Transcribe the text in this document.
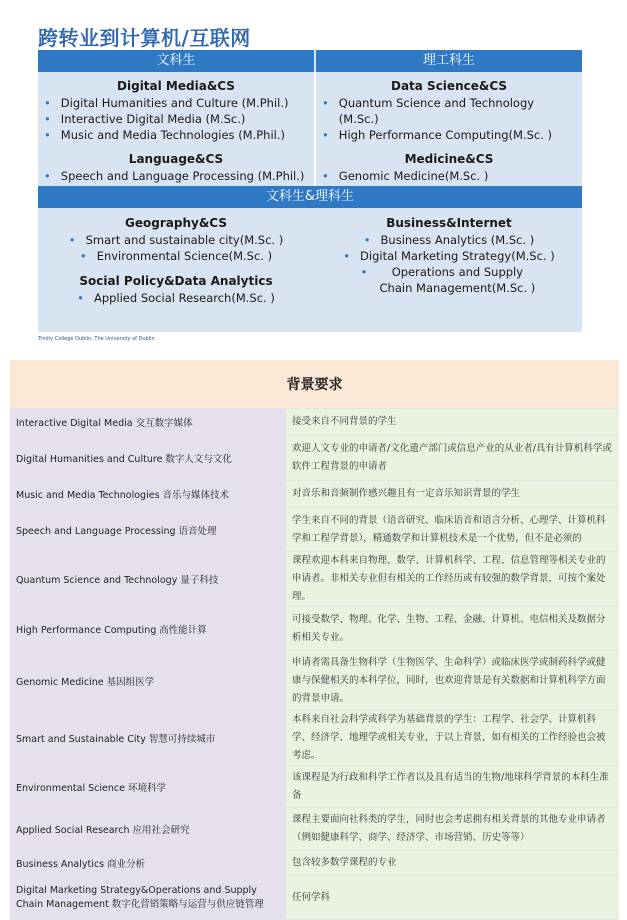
跨转业到计算机/互联网
文科生	理工科生
Digital Media&CS
• Digital Humanities and Culture (M.Phil.)
• Interactive Digital Media (M.Sc.)
• Music and Media Technologies (M.Phil.)
Language&CS
• Speech and Language Processing (M.Phil.)
Data Science&CS
• Quantum Science and Technology (M.Sc.)
• High Performance Computing(M.Sc. )
Medicine&CS
• Genomic Medicine(M.Sc. )
文科生&理科生
Geography&CS
• Smart and sustainable city(M.Sc. )
• Environmental Science(M.Sc. )
Social Policy&Data Analytics
• Applied Social Research(M.Sc. )
Business&Internet
• Business Analytics (M.Sc. )
• Digital Marketing Strategy(M.Sc. )
•	Operations and Supply Chain Management(M.Sc. )
Trinity College Dublin, The University of Dublin
背景要求	
Interactive Digital Media 交互数字媒体	接受来自不同背景的学生
Digital Humanities and Culture 数字人文与文化	欢迎人文专业的申请者/文化遗产部门或信息产业的从业者/具有计算机科学或软件工程背景的申请者
Music and Media Technologies 音乐与媒体技术	对音乐和音频制作感兴趣且有一定音乐知识背景的学生
Speech and Language Processing 语音处理	学生来自不同的背景（语音研究、临床语音和语言分析、心理学、计算机科学和工程学背景），精通数学和计算机技术是一个优势，但不是必须的
Quantum Science and Technology 量子科技	课程欢迎本科来自物理、数学、计算机科学、工程、信息管理等相关专业的申请者。非相关专业但有相关的工作经历或有较强的数学背景，可按个案处理。
High Performance Computing 高性能计算	可接受数学、物理、化学、生物、工程、金融、计算机、电信相关及数据分析相关专业。
Genomic Medicine 基因组医学	申请者需具备生物科学（生物医学、生命科学）或临床医学或制药科学或健康与保健相关的本科学位，同时，也欢迎背景是有关数据和计算机科学方面的背景申请。
Smart and Sustainable City 智慧可持续城市	本科来自社会科学或科学为基础背景的学生：工程学、社会学、计算机科学、经济学、地理学或相关专业，于以上背景，如有相关的工作经验也会被考虑。
Environmental Science 环境科学	该课程是为行政和科学工作者以及具有适当的生物/地球科学背景的本科生准备
Applied Social Research 应用社会研究	课程主要面向社科类的学生，同时也会考虑拥有相关背景的其他专业申请者（例如健康科学、商学、经济学、市场营销、历史等等）
Business Analytics 商业分析	包含较多数学课程的专业
Digital Marketing Strategy&Operations and Supply Chain Management 数字化营销策略与运营与供应链管理	任何学科
